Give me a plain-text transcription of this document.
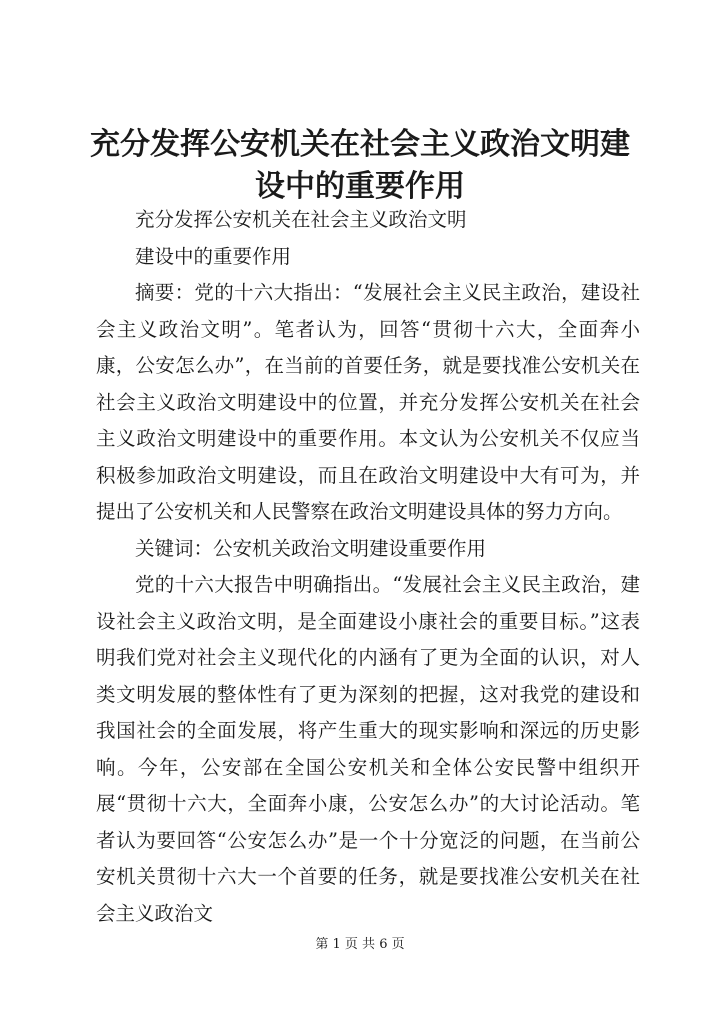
充分发挥公安机关在社会主义政治文明建设中的重要作用

充分发挥公安机关在社会主义政治文明

建设中的重要作用

摘要：党的十六大指出：“发展社会主义民主政治，建设社会主义政治文明”。笔者认为，回答“贯彻十六大，全面奔小康，公安怎么办”，在当前的首要任务，就是要找准公安机关在社会主义政治文明建设中的位置，并充分发挥公安机关在社会主义政治文明建设中的重要作用。本文认为公安机关不仅应当积极参加政治文明建设，而且在政治文明建设中大有可为，并提出了公安机关和人民警察在政治文明建设具体的努力方向。

关键词：公安机关政治文明建设重要作用

党的十六大报告中明确指出。“发展社会主义民主政治，建设社会主义政治文明，是全面建设小康社会的重要目标。”这表明我们党对社会主义现代化的内涵有了更为全面的认识，对人类文明发展的整体性有了更为深刻的把握，这对我党的建设和我国社会的全面发展，将产生重大的现实影响和深远的历史影响。今年，公安部在全国公安机关和全体公安民警中组织开展“贯彻十六大，全面奔小康，公安怎么办”的大讨论活动。笔者认为要回答“公安怎么办”是一个十分宽泛的问题，在当前公安机关贯彻十六大一个首要的任务，就是要找准公安机关在社会主义政治文

第 1 页 共 6 页
